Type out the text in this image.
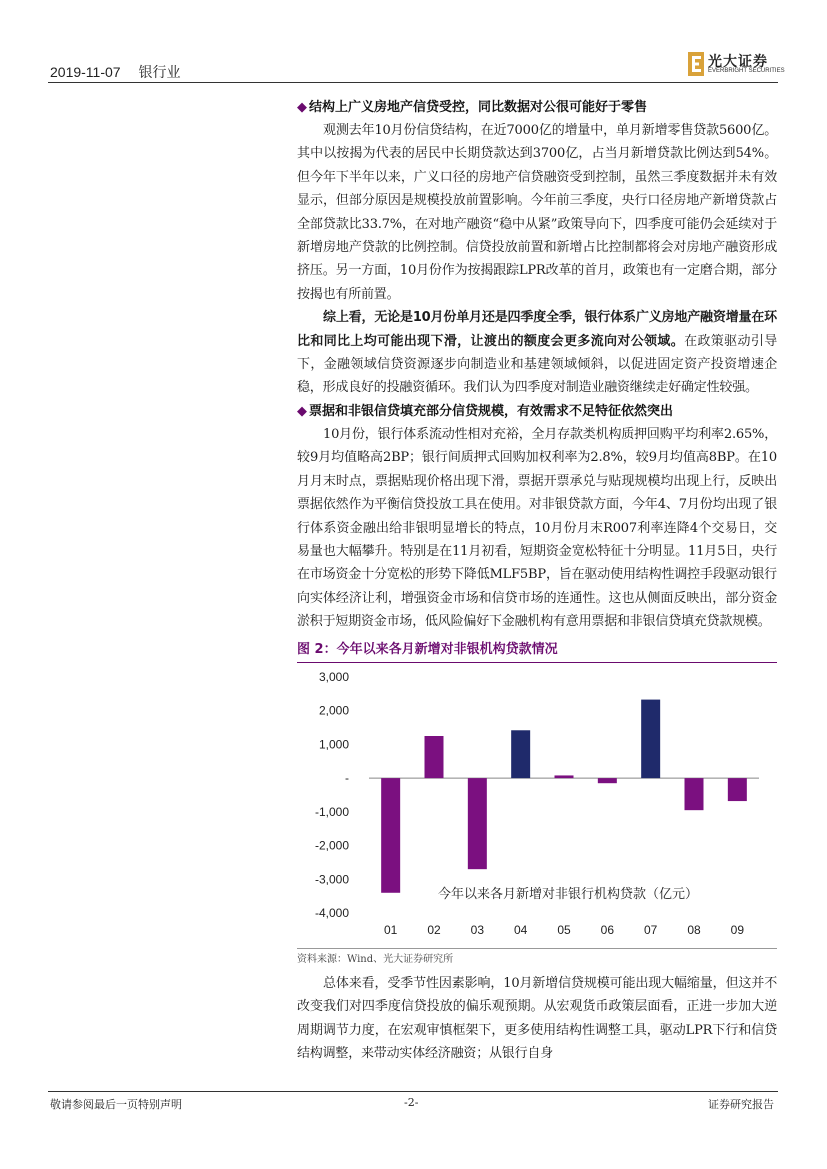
2019-11-07 银行业
光大证券
EVERBRIGHT SECURITIES
◆ 结构上广义房地产信贷受控，同比数据对公很可能好于零售

观测去年10月份信贷结构，在近7000亿的增量中，单月新增零售贷款5600亿。其中以按揭为代表的居民中长期贷款达到3700亿，占当月新增贷款比例达到54%。但今年下半年以来，广义口径的房地产信贷融资受到控制，虽然三季度数据并未有效显示，但部分原因是规模投放前置影响。今年前三季度，央行口径房地产新增贷款占全部贷款比33.7%，在对地产融资“稳中从紧”政策导向下，四季度可能仍会延续对于新增房地产贷款的比例控制。信贷投放前置和新增占比控制都将会对房地产融资形成挤压。另一方面，10月份作为按揭跟踪LPR改革的首月，政策也有一定磨合期，部分按揭也有所前置。

综上看，无论是10月份单月还是四季度全季，银行体系广义房地产融资增量在环比和同比上均可能出现下滑，让渡出的额度会更多流向对公领域。在政策驱动引导下，金融领域信贷资源逐步向制造业和基建领域倾斜，以促进固定资产投资增速企稳，形成良好的投融资循环。我们认为四季度对制造业融资继续走好确定性较强。

◆ 票据和非银信贷填充部分信贷规模，有效需求不足特征依然突出

10月份，银行体系流动性相对充裕，全月存款类机构质押回购平均利率2.65%，较9月均值略高2BP；银行间质押式回购加权利率为2.8%，较9月均值高8BP。在10月月末时点，票据贴现价格出现下滑，票据开票承兑与贴现规模均出现上行，反映出票据依然作为平衡信贷投放工具在使用。对非银贷款方面，今年4、7月份均出现了银行体系资金融出给非银明显增长的特点，10月份月末R007利率连降4个交易日，交易量也大幅攀升。特别是在11月初看，短期资金宽松特征十分明显。11月5日，央行在市场资金十分宽松的形势下降低MLF5BP，旨在驱动使用结构性调控手段驱动银行向实体经济让利，增强资金市场和信贷市场的连通性。这也从侧面反映出，部分资金淤积于短期资金市场，低风险偏好下金融机构有意用票据和非银信贷填充贷款规模。

图 2：今年以来各月新增对非银机构贷款情况
3,000
2,000
1,000
-
-1,000
-2,000
-3,000
-4,000
01 02 03 04 05 06 07 08 09
今年以来各月新增对非银行机构贷款（亿元）
资料来源：Wind、光大证券研究所

总体来看，受季节性因素影响，10月新增信贷规模可能出现大幅缩量，但这并不改变我们对四季度信贷投放的偏乐观预期。从宏观货币政策层面看，正进一步加大逆周期调节力度，在宏观审慎框架下，更多使用结构性调整工具，驱动LPR下行和信贷结构调整，来带动实体经济融资；从银行自身

敬请参阅最后一页特别声明	-2-	证券研究报告
